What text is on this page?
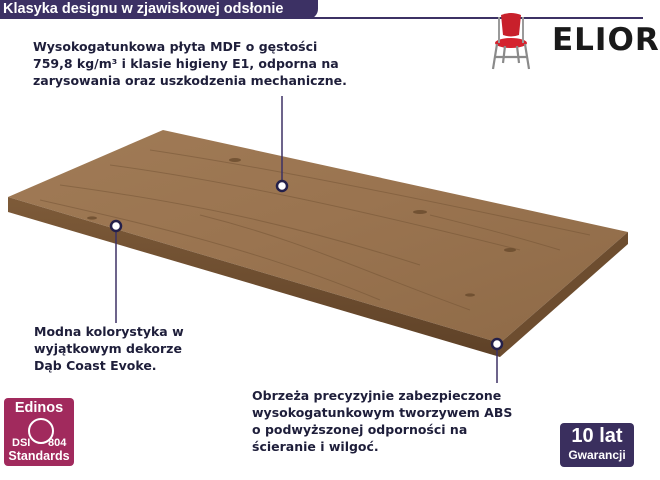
Klasyka designu w zjawiskowej odsłonie

Wysokogatunkowa płyta MDF o gęstości
759,8 kg/m³ i klasie higieny E1, odporna na
zarysowania oraz uszkodzenia mechaniczne.

Modna kolorystyka w
wyjątkowym dekorze
Dąb Coast Evoke.

Obrzeża precyzyjnie zabezpieczone
wysokogatunkowym tworzywem ABS
o podwyższonej odporności na
ścieranie i wilgoć.

ELIOR
Edinos
DSI 804
Standards
10 lat
Gwarancji
